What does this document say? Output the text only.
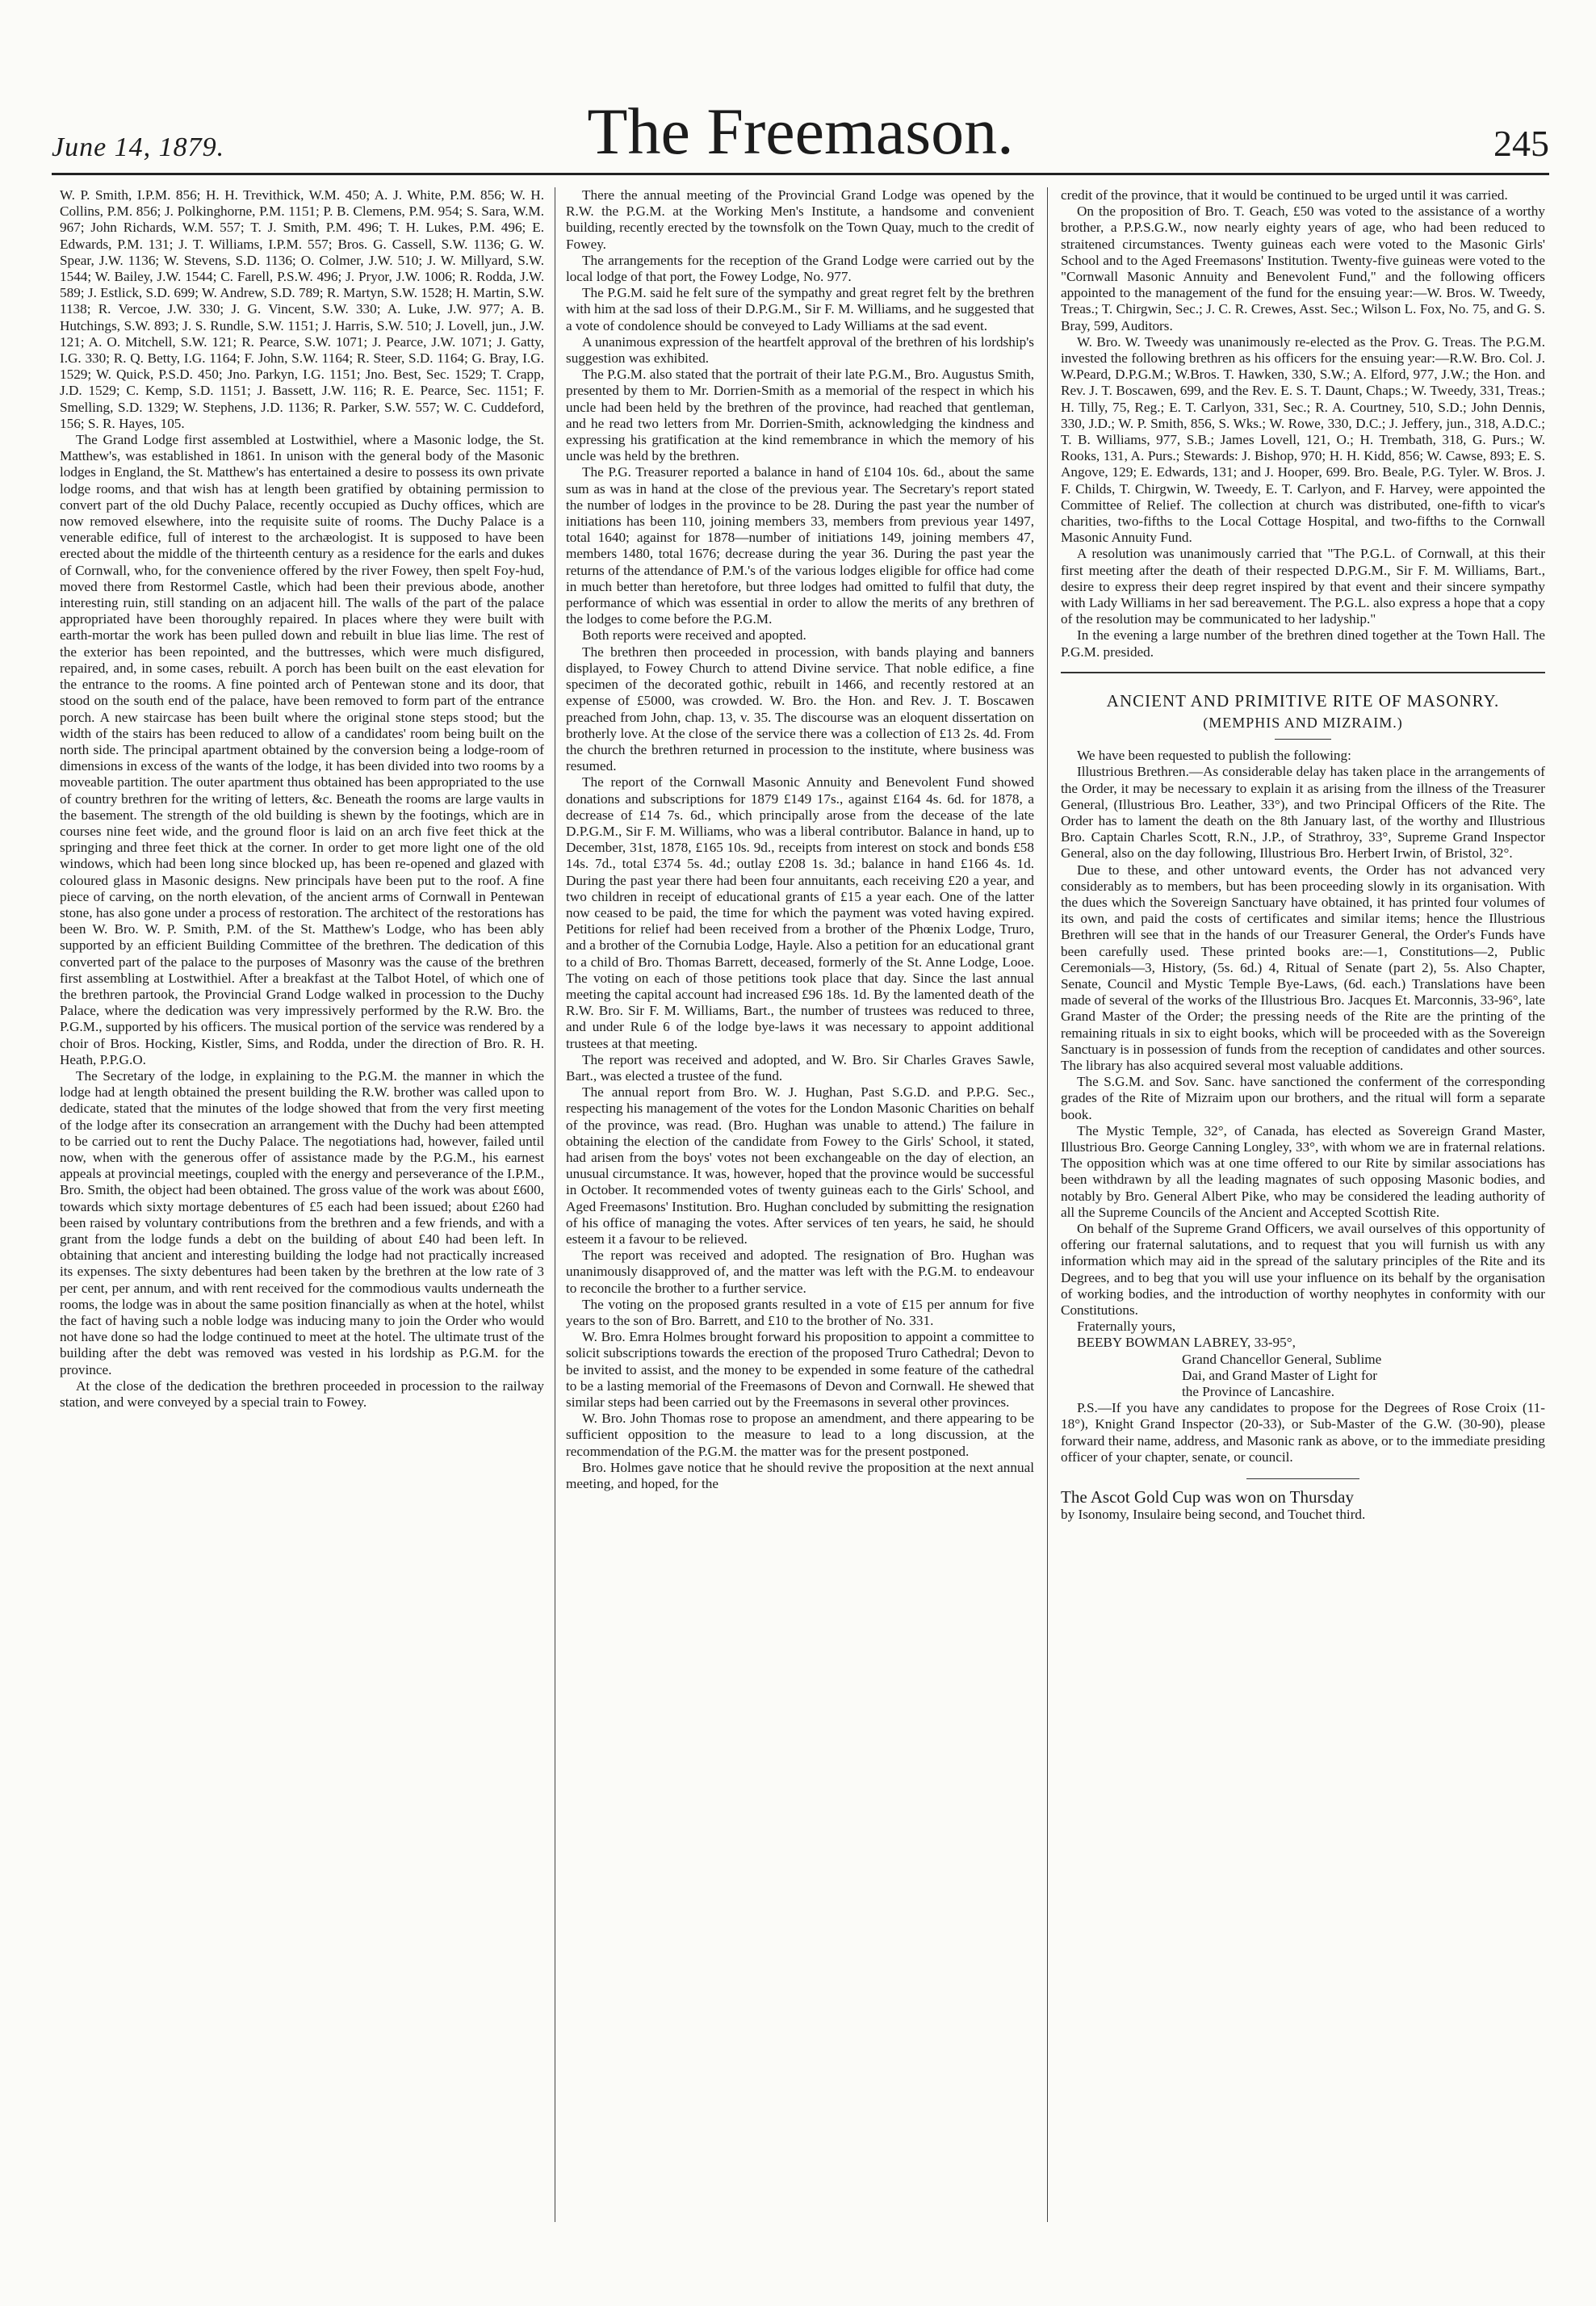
June 14, 1879.	The Freemason.	245

W. P. Smith, I.P.M. 856; H. H. Trevithick, W.M. 450; A. J. White, P.M. 856; W. H. Collins, P.M. 856; J. Polkinghorne, P.M. 1151; P. B. Clemens, P.M. 954; S. Sara, W.M. 967; John Richards, W.M. 557; T. J. Smith, P.M. 496; T. H. Lukes, P.M. 496; E. Edwards, P.M. 131; J. T. Williams, I.P.M. 557; Bros. G. Cassell, S.W. 1136; G. W. Spear, J.W. 1136; W. Stevens, S.D. 1136; O. Colmer, J.W. 510; J. W. Millyard, S.W. 1544; W. Bailey, J.W. 1544; C. Farell, P.S.W. 496; J. Pryor, J.W. 1006; R. Rodda, J.W. 589; J. Estlick, S.D. 699; W. Andrew, S.D. 789; R. Martyn, S.W. 1528; H. Martin, S.W. 1138; R. Vercoe, J.W. 330; J. G. Vincent, S.W. 330; A. Luke, J.W. 977; A. B. Hutchings, S.W. 893; J. S. Rundle, S.W. 1151; J. Harris, S.W. 510; J. Lovell, jun., J.W. 121; A. O. Mitchell, S.W. 121; R. Pearce, S.W. 1071; J. Pearce, J.W. 1071; J. Gatty, I.G. 330; R. Q. Betty, I.G. 1164; F. John, S.W. 1164; R. Steer, S.D. 1164; G. Bray, I.G. 1529; W. Quick, P.S.D. 450; Jno. Parkyn, I.G. 1151; Jno. Best, Sec. 1529; T. Crapp, J.D. 1529; C. Kemp, S.D. 1151; J. Bassett, J.W. 116; R. E. Pearce, Sec. 1151; F. Smelling, S.D. 1329; W. Stephens, J.D. 1136; R. Parker, S.W. 557; W. C. Cuddeford, 156; S. R. Hayes, 105.

The Grand Lodge first assembled at Lostwithiel, where a Masonic lodge, the St. Matthew's, was established in 1861. In unison with the general body of the Masonic lodges in England, the St. Matthew's has entertained a desire to possess its own private lodge rooms, and that wish has at length been gratified by obtaining permission to convert part of the old Duchy Palace, recently occupied as Duchy offices, which are now removed elsewhere, into the requisite suite of rooms. The Duchy Palace is a venerable edifice, full of interest to the archæologist. It is supposed to have been erected about the middle of the thirteenth century as a residence for the earls and dukes of Cornwall, who, for the convenience offered by the river Fowey, then spelt Foy-hud, moved there from Restormel Castle, which had been their previous abode, another interesting ruin, still standing on an adjacent hill. The walls of the part of the palace appropriated have been thoroughly repaired. In places where they were built with earth-mortar the work has been pulled down and rebuilt in blue lias lime. The rest of the exterior has been repointed, and the buttresses, which were much disfigured, repaired, and, in some cases, rebuilt. A porch has been built on the east elevation for the entrance to the rooms. A fine pointed arch of Pentewan stone and its door, that stood on the south end of the palace, have been removed to form part of the entrance porch. A new staircase has been built where the original stone steps stood; but the width of the stairs has been reduced to allow of a candidates' room being built on the north side. The principal apartment obtained by the conversion being a lodge-room of dimensions in excess of the wants of the lodge, it has been divided into two rooms by a moveable partition. The outer apartment thus obtained has been appropriated to the use of country brethren for the writing of letters, &c. Beneath the rooms are large vaults in the basement. The strength of the old building is shewn by the footings, which are in courses nine feet wide, and the ground floor is laid on an arch five feet thick at the springing and three feet thick at the corner. In order to get more light one of the old windows, which had been long since blocked up, has been re-opened and glazed with coloured glass in Masonic designs. New principals have been put to the roof. A fine piece of carving, on the north elevation, of the ancient arms of Cornwall in Pentewan stone, has also gone under a process of restoration. The architect of the restorations has been W. Bro. W. P. Smith, P.M. of the St. Matthew's Lodge, who has been ably supported by an efficient Building Committee of the brethren. The dedication of this converted part of the palace to the purposes of Masonry was the cause of the brethren first assembling at Lostwithiel. After a breakfast at the Talbot Hotel, of which one of the brethren partook, the Provincial Grand Lodge walked in procession to the Duchy Palace, where the dedication was very impressively performed by the R.W. Bro. the P.G.M., supported by his officers. The musical portion of the service was rendered by a choir of Bros. Hocking, Kistler, Sims, and Rodda, under the direction of Bro. R. H. Heath, P.P.G.O.

The Secretary of the lodge, in explaining to the P.G.M. the manner in which the lodge had at length obtained the present building the R.W. brother was called upon to dedicate, stated that the minutes of the lodge showed that from the very first meeting of the lodge after its consecration an arrangement with the Duchy had been attempted to be carried out to rent the Duchy Palace. The negotiations had, however, failed until now, when with the generous offer of assistance made by the P.G.M., his earnest appeals at provincial meetings, coupled with the energy and perseverance of the I.P.M., Bro. Smith, the object had been obtained. The gross value of the work was about £600, towards which sixty mortage debentures of £5 each had been issued; about £260 had been raised by voluntary contributions from the brethren and a few friends, and with a grant from the lodge funds a debt on the building of about £40 had been left. In obtaining that ancient and interesting building the lodge had not practically increased its expenses. The sixty debentures had been taken by the brethren at the low rate of 3 per cent, per annum, and with rent received for the commodious vaults underneath the rooms, the lodge was in about the same position financially as when at the hotel, whilst the fact of having such a noble lodge was inducing many to join the Order who would not have done so had the lodge continued to meet at the hotel. The ultimate trust of the building after the debt was removed was vested in his lordship as P.G.M. for the province.

At the close of the dedication the brethren proceeded in procession to the railway station, and were conveyed by a special train to Fowey.

There the annual meeting of the Provincial Grand Lodge was opened by the R.W. the P.G.M. at the Working Men's Institute, a handsome and convenient building, recently erected by the townsfolk on the Town Quay, much to the credit of Fowey.

The arrangements for the reception of the Grand Lodge were carried out by the local lodge of that port, the Fowey Lodge, No. 977.

The P.G.M. said he felt sure of the sympathy and great regret felt by the brethren with him at the sad loss of their D.P.G.M., Sir F. M. Williams, and he suggested that a vote of condolence should be conveyed to Lady Williams at the sad event.

A unanimous expression of the heartfelt approval of the brethren of his lordship's suggestion was exhibited.

The P.G.M. also stated that the portrait of their late P.G.M., Bro. Augustus Smith, presented by them to Mr. Dorrien-Smith as a memorial of the respect in which his uncle had been held by the brethren of the province, had reached that gentleman, and he read two letters from Mr. Dorrien-Smith, acknowledging the kindness and expressing his gratification at the kind remembrance in which the memory of his uncle was held by the brethren.

The P.G. Treasurer reported a balance in hand of £104 10s. 6d., about the same sum as was in hand at the close of the previous year. The Secretary's report stated the number of lodges in the province to be 28. During the past year the number of initiations has been 110, joining members 33, members from previous year 1497, total 1640; against for 1878—number of initiations 149, joining members 47, members 1480, total 1676; decrease during the year 36. During the past year the returns of the attendance of P.M.'s of the various lodges eligible for office had come in much better than heretofore, but three lodges had omitted to fulfil that duty, the performance of which was essential in order to allow the merits of any brethren of the lodges to come before the P.G.M.

Both reports were received and apopted.

The brethren then proceeded in procession, with bands playing and banners displayed, to Fowey Church to attend Divine service. That noble edifice, a fine specimen of the decorated gothic, rebuilt in 1466, and recently restored at an expense of £5000, was crowded. W. Bro. the Hon. and Rev. J. T. Boscawen preached from John, chap. 13, v. 35. The discourse was an eloquent dissertation on brotherly love. At the close of the service there was a collection of £13 2s. 4d. From the church the brethren returned in procession to the institute, where business was resumed.

The report of the Cornwall Masonic Annuity and Benevolent Fund showed donations and subscriptions for 1879 £149 17s., against £164 4s. 6d. for 1878, a decrease of £14 7s. 6d., which principally arose from the decease of the late D.P.G.M., Sir F. M. Williams, who was a liberal contributor. Balance in hand, up to December, 31st, 1878, £165 10s. 9d., receipts from interest on stock and bonds £58 14s. 7d., total £374 5s. 4d.; outlay £208 1s. 3d.; balance in hand £166 4s. 1d. During the past year there had been four annuitants, each receiving £20 a year, and two children in receipt of educational grants of £15 a year each. One of the latter now ceased to be paid, the time for which the payment was voted having expired. Petitions for relief had been received from a brother of the Phœnix Lodge, Truro, and a brother of the Cornubia Lodge, Hayle. Also a petition for an educational grant to a child of Bro. Thomas Barrett, deceased, formerly of the St. Anne Lodge, Looe. The voting on each of those petitions took place that day. Since the last annual meeting the capital account had increased £96 18s. 1d. By the lamented death of the R.W. Bro. Sir F. M. Williams, Bart., the number of trustees was reduced to three, and under Rule 6 of the lodge bye-laws it was necessary to appoint additional trustees at that meeting.

The report was received and adopted, and W. Bro. Sir Charles Graves Sawle, Bart., was elected a trustee of the fund.

The annual report from Bro. W. J. Hughan, Past S.G.D. and P.P.G. Sec., respecting his management of the votes for the London Masonic Charities on behalf of the province, was read. (Bro. Hughan was unable to attend.) The failure in obtaining the election of the candidate from Fowey to the Girls' School, it stated, had arisen from the boys' votes not been exchangeable on the day of election, an unusual circumstance. It was, however, hoped that the province would be successful in October. It recommended votes of twenty guineas each to the Girls' School, and Aged Freemasons' Institution. Bro. Hughan concluded by submitting the resignation of his office of managing the votes. After services of ten years, he said, he should esteem it a favour to be relieved.

The report was received and adopted. The resignation of Bro. Hughan was unanimously disapproved of, and the matter was left with the P.G.M. to endeavour to reconcile the brother to a further service.

The voting on the proposed grants resulted in a vote of £15 per annum for five years to the son of Bro. Barrett, and £10 to the brother of No. 331.

W. Bro. Emra Holmes brought forward his proposition to appoint a committee to solicit subscriptions towards the erection of the proposed Truro Cathedral; Devon to be invited to assist, and the money to be expended in some feature of the cathedral to be a lasting memorial of the Freemasons of Devon and Cornwall. He shewed that similar steps had been carried out by the Freemasons in several other provinces.

W. Bro. John Thomas rose to propose an amendment, and there appearing to be sufficient opposition to the measure to lead to a long discussion, at the recommendation of the P.G.M. the matter was for the present postponed.

Bro. Holmes gave notice that he should revive the proposition at the next annual meeting, and hoped, for the

credit of the province, that it would be continued to be urged until it was carried.

On the proposition of Bro. T. Geach, £50 was voted to the assistance of a worthy brother, a P.P.S.G.W., now nearly eighty years of age, who had been reduced to straitened circumstances. Twenty guineas each were voted to the Masonic Girls' School and to the Aged Freemasons' Institution. Twenty-five guineas were voted to the "Cornwall Masonic Annuity and Benevolent Fund," and the following officers appointed to the management of the fund for the ensuing year:—W. Bros. W. Tweedy, Treas.; T. Chirgwin, Sec.; J. C. R. Crewes, Asst. Sec.; Wilson L. Fox, No. 75, and G. S. Bray, 599, Auditors.

W. Bro. W. Tweedy was unanimously re-elected as the Prov. G. Treas. The P.G.M. invested the following brethren as his officers for the ensuing year:—R.W. Bro. Col. J. W.Peard, D.P.G.M.; W.Bros. T. Hawken, 330, S.W.; A. Elford, 977, J.W.; the Hon. and Rev. J. T. Boscawen, 699, and the Rev. E. S. T. Daunt, Chaps.; W. Tweedy, 331, Treas.; H. Tilly, 75, Reg.; E. T. Carlyon, 331, Sec.; R. A. Courtney, 510, S.D.; John Dennis, 330, J.D.; W. P. Smith, 856, S. Wks.; W. Rowe, 330, D.C.; J. Jeffery, jun., 318, A.D.C.; T. B. Williams, 977, S.B.; James Lovell, 121, O.; H. Trembath, 318, G. Purs.; W. Rooks, 131, A. Purs.; Stewards: J. Bishop, 970; H. H. Kidd, 856; W. Cawse, 893; E. S. Angove, 129; E. Edwards, 131; and J. Hooper, 699. Bro. Beale, P.G. Tyler. W. Bros. J. F. Childs, T. Chirgwin, W. Tweedy, E. T. Carlyon, and F. Harvey, were appointed the Committee of Relief. The collection at church was distributed, one-fifth to vicar's charities, two-fifths to the Local Cottage Hospital, and two-fifths to the Cornwall Masonic Annuity Fund.

A resolution was unanimously carried that "The P.G.L. of Cornwall, at this their first meeting after the death of their respected D.P.G.M., Sir F. M. Williams, Bart., desire to express their deep regret inspired by that event and their sincere sympathy with Lady Williams in her sad bereavement. The P.G.L. also express a hope that a copy of the resolution may be communicated to her ladyship."

In the evening a large number of the brethren dined together at the Town Hall. The P.G.M. presided.

ANCIENT AND PRIMITIVE RITE OF MASONRY.
(MEMPHIS AND MIZRAIM.)

We have been requested to publish the following:

Illustrious Brethren.—As considerable delay has taken place in the arrangements of the Order, it may be necessary to explain it as arising from the illness of the Treasurer General, (Illustrious Bro. Leather, 33°), and two Principal Officers of the Rite. The Order has to lament the death on the 8th January last, of the worthy and Illustrious Bro. Captain Charles Scott, R.N., J.P., of Strathroy, 33°, Supreme Grand Inspector General, also on the day following, Illustrious Bro. Herbert Irwin, of Bristol, 32°.

Due to these, and other untoward events, the Order has not advanced very considerably as to members, but has been proceeding slowly in its organisation. With the dues which the Sovereign Sanctuary have obtained, it has printed four volumes of its own, and paid the costs of certificates and similar items; hence the Illustrious Brethren will see that in the hands of our Treasurer General, the Order's Funds have been carefully used. These printed books are:—1, Constitutions—2, Public Ceremonials—3, History, (5s. 6d.) 4, Ritual of Senate (part 2), 5s. Also Chapter, Senate, Council and Mystic Temple Bye-Laws, (6d. each.) Translations have been made of several of the works of the Illustrious Bro. Jacques Et. Marconnis, 33-96°, late Grand Master of the Order; the pressing needs of the Rite are the printing of the remaining rituals in six to eight books, which will be proceeded with as the Sovereign Sanctuary is in possession of funds from the reception of candidates and other sources. The library has also acquired several most valuable additions.

The S.G.M. and Sov. Sanc. have sanctioned the conferment of the corresponding grades of the Rite of Mizraim upon our brothers, and the ritual will form a separate book.

The Mystic Temple, 32°, of Canada, has elected as Sovereign Grand Master, Illustrious Bro. George Canning Longley, 33°, with whom we are in fraternal relations. The opposition which was at one time offered to our Rite by similar associations has been withdrawn by all the leading magnates of such opposing Masonic bodies, and notably by Bro. General Albert Pike, who may be considered the leading authority of all the Supreme Councils of the Ancient and Accepted Scottish Rite.

On behalf of the Supreme Grand Officers, we avail ourselves of this opportunity of offering our fraternal salutations, and to request that you will furnish us with any information which may aid in the spread of the salutary principles of the Rite and its Degrees, and to beg that you will use your influence on its behalf by the organisation of working bodies, and the introduction of worthy neophytes in conformity with our Constitutions.

Fraternally yours,

BEEBY BOWMAN LABREY, 33-95°,

Grand Chancellor General, Sublime

Dai, and Grand Master of Light for

the Province of Lancashire.

P.S.—If you have any candidates to propose for the Degrees of Rose Croix (11-18°), Knight Grand Inspector (20-33), or Sub-Master of the G.W. (30-90), please forward their name, address, and Masonic rank as above, or to the immediate presiding officer of your chapter, senate, or council.

The Ascot Gold Cup was won on Thursday

by Isonomy, Insulaire being second, and Touchet third.
